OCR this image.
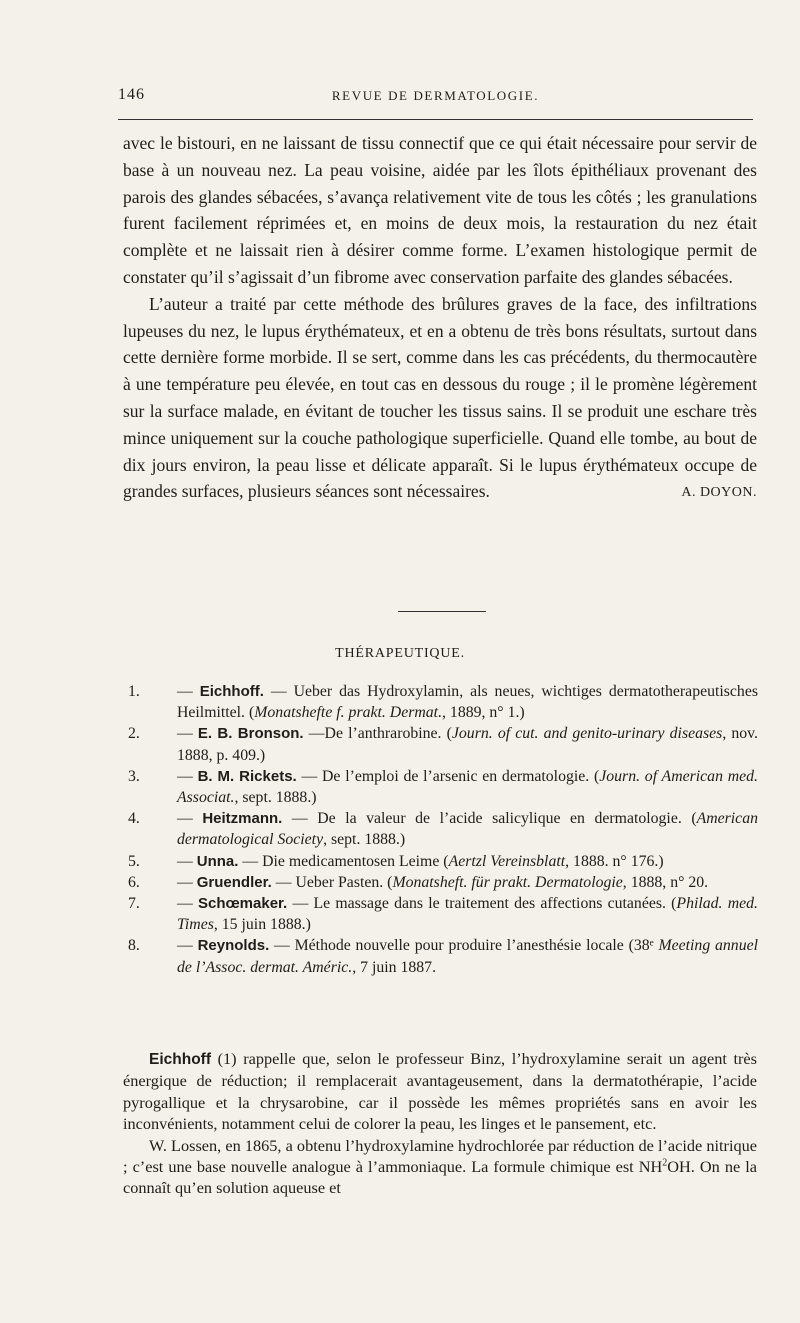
146	REVUE DE DERMATOLOGIE.

avec le bistouri, en ne laissant de tissu connectif que ce qui était nécessaire pour servir de base à un nouveau nez. La peau voisine, aidée par les îlots épithéliaux provenant des parois des glandes sébacées, s’avança relativement vite de tous les côtés ; les granulations furent facilement réprimées et, en moins de deux mois, la restauration du nez était complète et ne laissait rien à désirer comme forme. L’examen histologique permit de constater qu’il s’agissait d’un fibrome avec conservation parfaite des glandes sébacées.

L’auteur a traité par cette méthode des brûlures graves de la face, des infiltrations lupeuses du nez, le lupus érythémateux, et en a obtenu de très bons résultats, surtout dans cette dernière forme morbide. Il se sert, comme dans les cas précédents, du thermocautère à une température peu élevée, en tout cas en dessous du rouge ; il le promène légèrement sur la surface malade, en évitant de toucher les tissus sains. Il se produit une eschare très mince uniquement sur la couche pathologique superficielle. Quand elle tombe, au bout de dix jours environ, la peau lisse et délicate apparaît. Si le lupus érythémateux occupe de grandes surfaces, plusieurs séances sont nécessaires.	A. DOYON.

THÉRAPEUTIQUE.

1.	— Eichhoff. — Ueber das Hydroxylamin, als neues, wichtiges dermatotherapeutisches Heilmittel. (Monatshefte f. prakt. Dermat., 1889, n° 1.)

2.	— E. B. Bronson. —De l’anthrarobine. (Journ. of cut. and genito-urinary diseases, nov. 1888, p. 409.)

3.	— B. M. Rickets. — De l’emploi de l’arsenic en dermatologie. (Journ. of American med. Associat., sept. 1888.)

4.	— Heitzmann. — De la valeur de l’acide salicylique en dermatologie. (American dermatological Society, sept. 1888.)

5.	— Unna. — Die medicamentosen Leime (Aertzl Vereinsblatt, 1888. n° 176.)

6.	— Gruendler. — Ueber Pasten. (Monatsheft. für prakt. Dermatologie, 1888, n° 20.

7.	— Schœmaker. — Le massage dans le traitement des affections cutanées. (Philad. med. Times, 15 juin 1888.)

8.	— Reynolds. — Méthode nouvelle pour produire l’anesthésie locale (38ᵉ Meeting annuel de l’Assoc. dermat. Améric., 7 juin 1887.

Eichhoff (1) rappelle que, selon le professeur Binz, l’hydroxylamine serait un agent très énergique de réduction; il remplacerait avantageusement, dans la dermatothérapie, l’acide pyrogallique et la chrysarobine, car il possède les mêmes propriétés sans en avoir les inconvénients, notamment celui de colorer la peau, les linges et le pansement, etc.

W. Lossen, en 1865, a obtenu l’hydroxylamine hydrochlorée par réduction de l’acide nitrique ; c’est une base nouvelle analogue à l’ammoniaque. La formule chimique est $NH^2OH$. On ne la connaît qu’en solution aqueuse et
